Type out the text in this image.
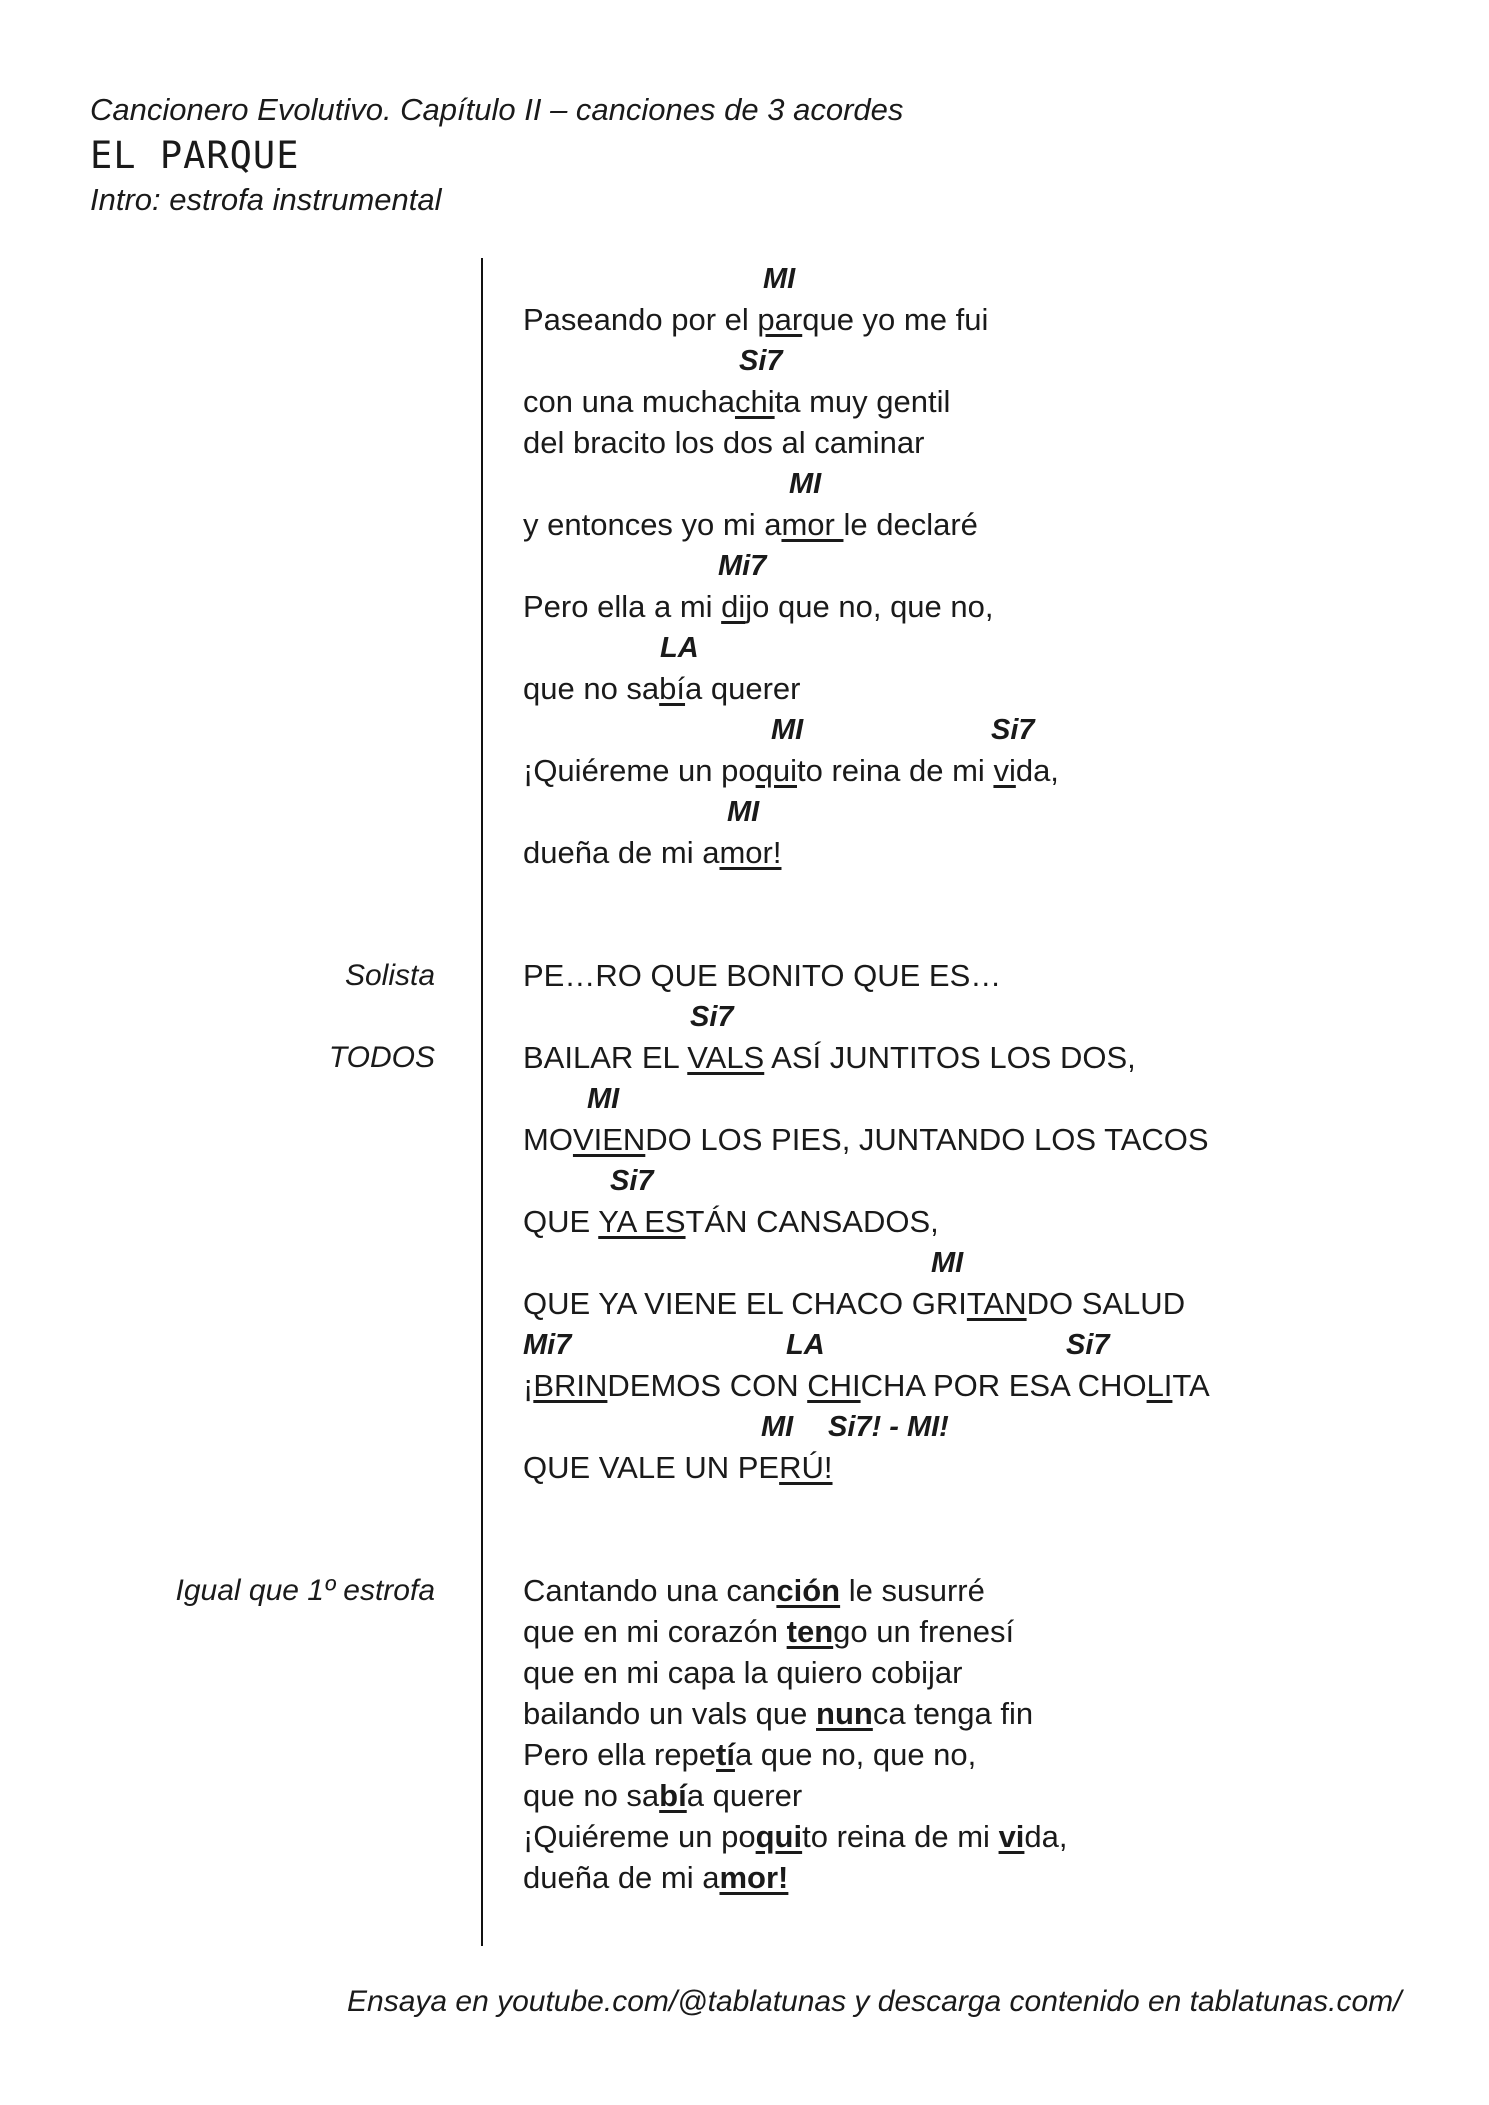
Cancionero Evolutivo. Capítulo II – canciones de 3 acordes
EL PARQUE
Intro: estrofa instrumental
MI
Paseando por el parque yo me fui
Si7
con una muchachita muy gentil
del bracito los dos al caminar
MI
y entonces yo mi amor le declaré
Mi7
Pero ella a mi dijo que no, que no,
LA
que no sabía querer
MI	Si7
¡Quiéreme un poquito reina de mi vida,
MI
dueña de mi amor!
Solista	PE…RO QUE BONITO QUE ES…
Si7
TODOS	BAILAR EL VALS ASÍ JUNTITOS LOS DOS,
MI
MOVIENDO LOS PIES, JUNTANDO LOS TACOS
Si7
QUE YA ESTÁN CANSADOS,
MI
QUE YA VIENE EL CHACO GRITANDO SALUD
Mi7	LA	Si7
¡BRINDEMOS CON CHICHA POR ESA CHOLITA
MI Si7! - MI!
QUE VALE UN PERÚ!
Igual que 1º estrofa	Cantando una canción le susurré
que en mi corazón tengo un frenesí
que en mi capa la quiero cobijar
bailando un vals que nunca tenga fin
Pero ella repetía que no, que no,
que no sabía querer
¡Quiéreme un poquito reina de mi vida,
dueña de mi amor!
Ensaya en youtube.com/@tablatunas y descarga contenido en tablatunas.com/
